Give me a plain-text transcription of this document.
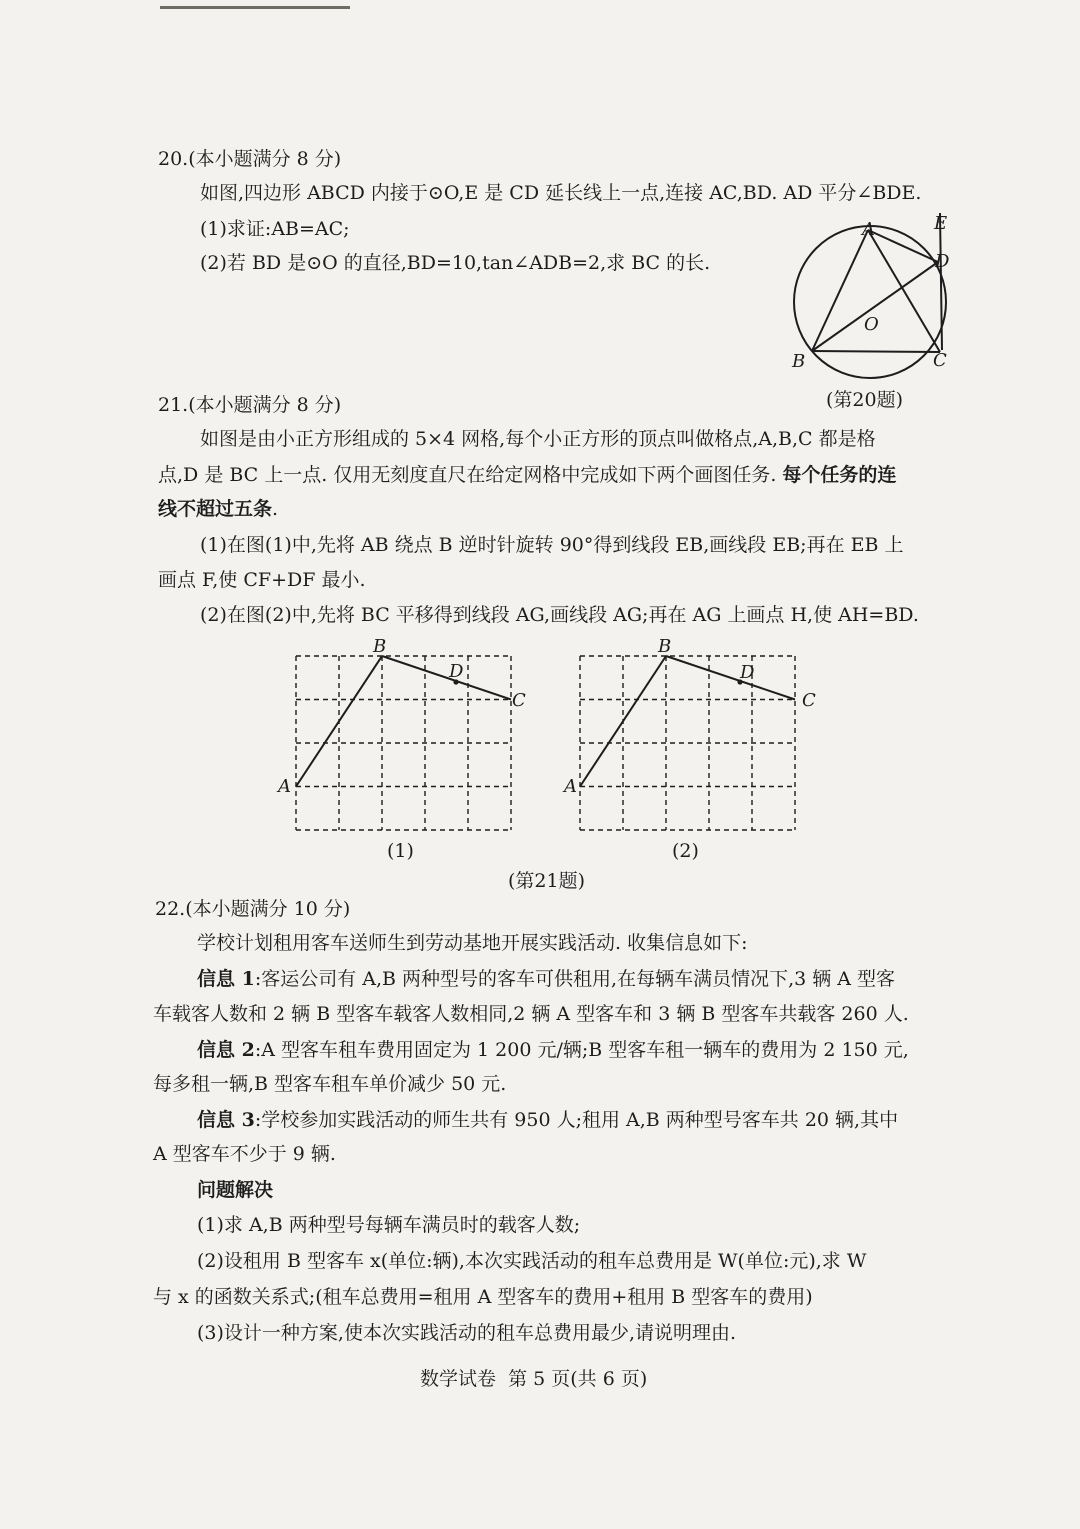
20.(本小题满分 8 分)
如图,四边形 ABCD 内接于⊙O,E 是 CD 延长线上一点,连接 AC,BD. AD 平分∠BDE.
(1)求证:AB=AC;
(2)若 BD 是⊙O 的直径,BD=10,tan∠ADB=2,求 BC 的长.
A	E
D
O
B	C
(第20题)
21.(本小题满分 8 分)
如图是由小正方形组成的 5×4 网格,每个小正方形的顶点叫做格点,A,B,C 都是格
点,D 是 BC 上一点. 仅用无刻度直尺在给定网格中完成如下两个画图任务. 每个任务的连
线不超过五条.
(1)在图(1)中,先将 AB 绕点 B 逆时针旋转 90°得到线段 EB,画线段 EB;再在 EB 上
画点 F,使 CF+DF 最小.
(2)在图(2)中,先将 BC 平移得到线段 AG,画线段 AG;再在 AG 上画点 H,使 AH=BD.
B
D
C
A
(1)
B
D
C
A
(2)
(第21题)
22.(本小题满分 10 分)
学校计划租用客车送师生到劳动基地开展实践活动. 收集信息如下:
信息 1:客运公司有 A,B 两种型号的客车可供租用,在每辆车满员情况下,3 辆 A 型客
车载客人数和 2 辆 B 型客车载客人数相同,2 辆 A 型客车和 3 辆 B 型客车共载客 260 人.
信息 2:A 型客车租车费用固定为 1 200 元/辆;B 型客车租一辆车的费用为 2 150 元,
每多租一辆,B 型客车租车单价减少 50 元.
信息 3:学校参加实践活动的师生共有 950 人;租用 A,B 两种型号客车共 20 辆,其中
A 型客车不少于 9 辆.
问题解决
(1)求 A,B 两种型号每辆车满员时的载客人数;
(2)设租用 B 型客车 x(单位:辆),本次实践活动的租车总费用是 W(单位:元),求 W
与 x 的函数关系式;(租车总费用=租用 A 型客车的费用+租用 B 型客车的费用)
(3)设计一种方案,使本次实践活动的租车总费用最少,请说明理由.
数学试卷  第 5 页(共 6 页)
